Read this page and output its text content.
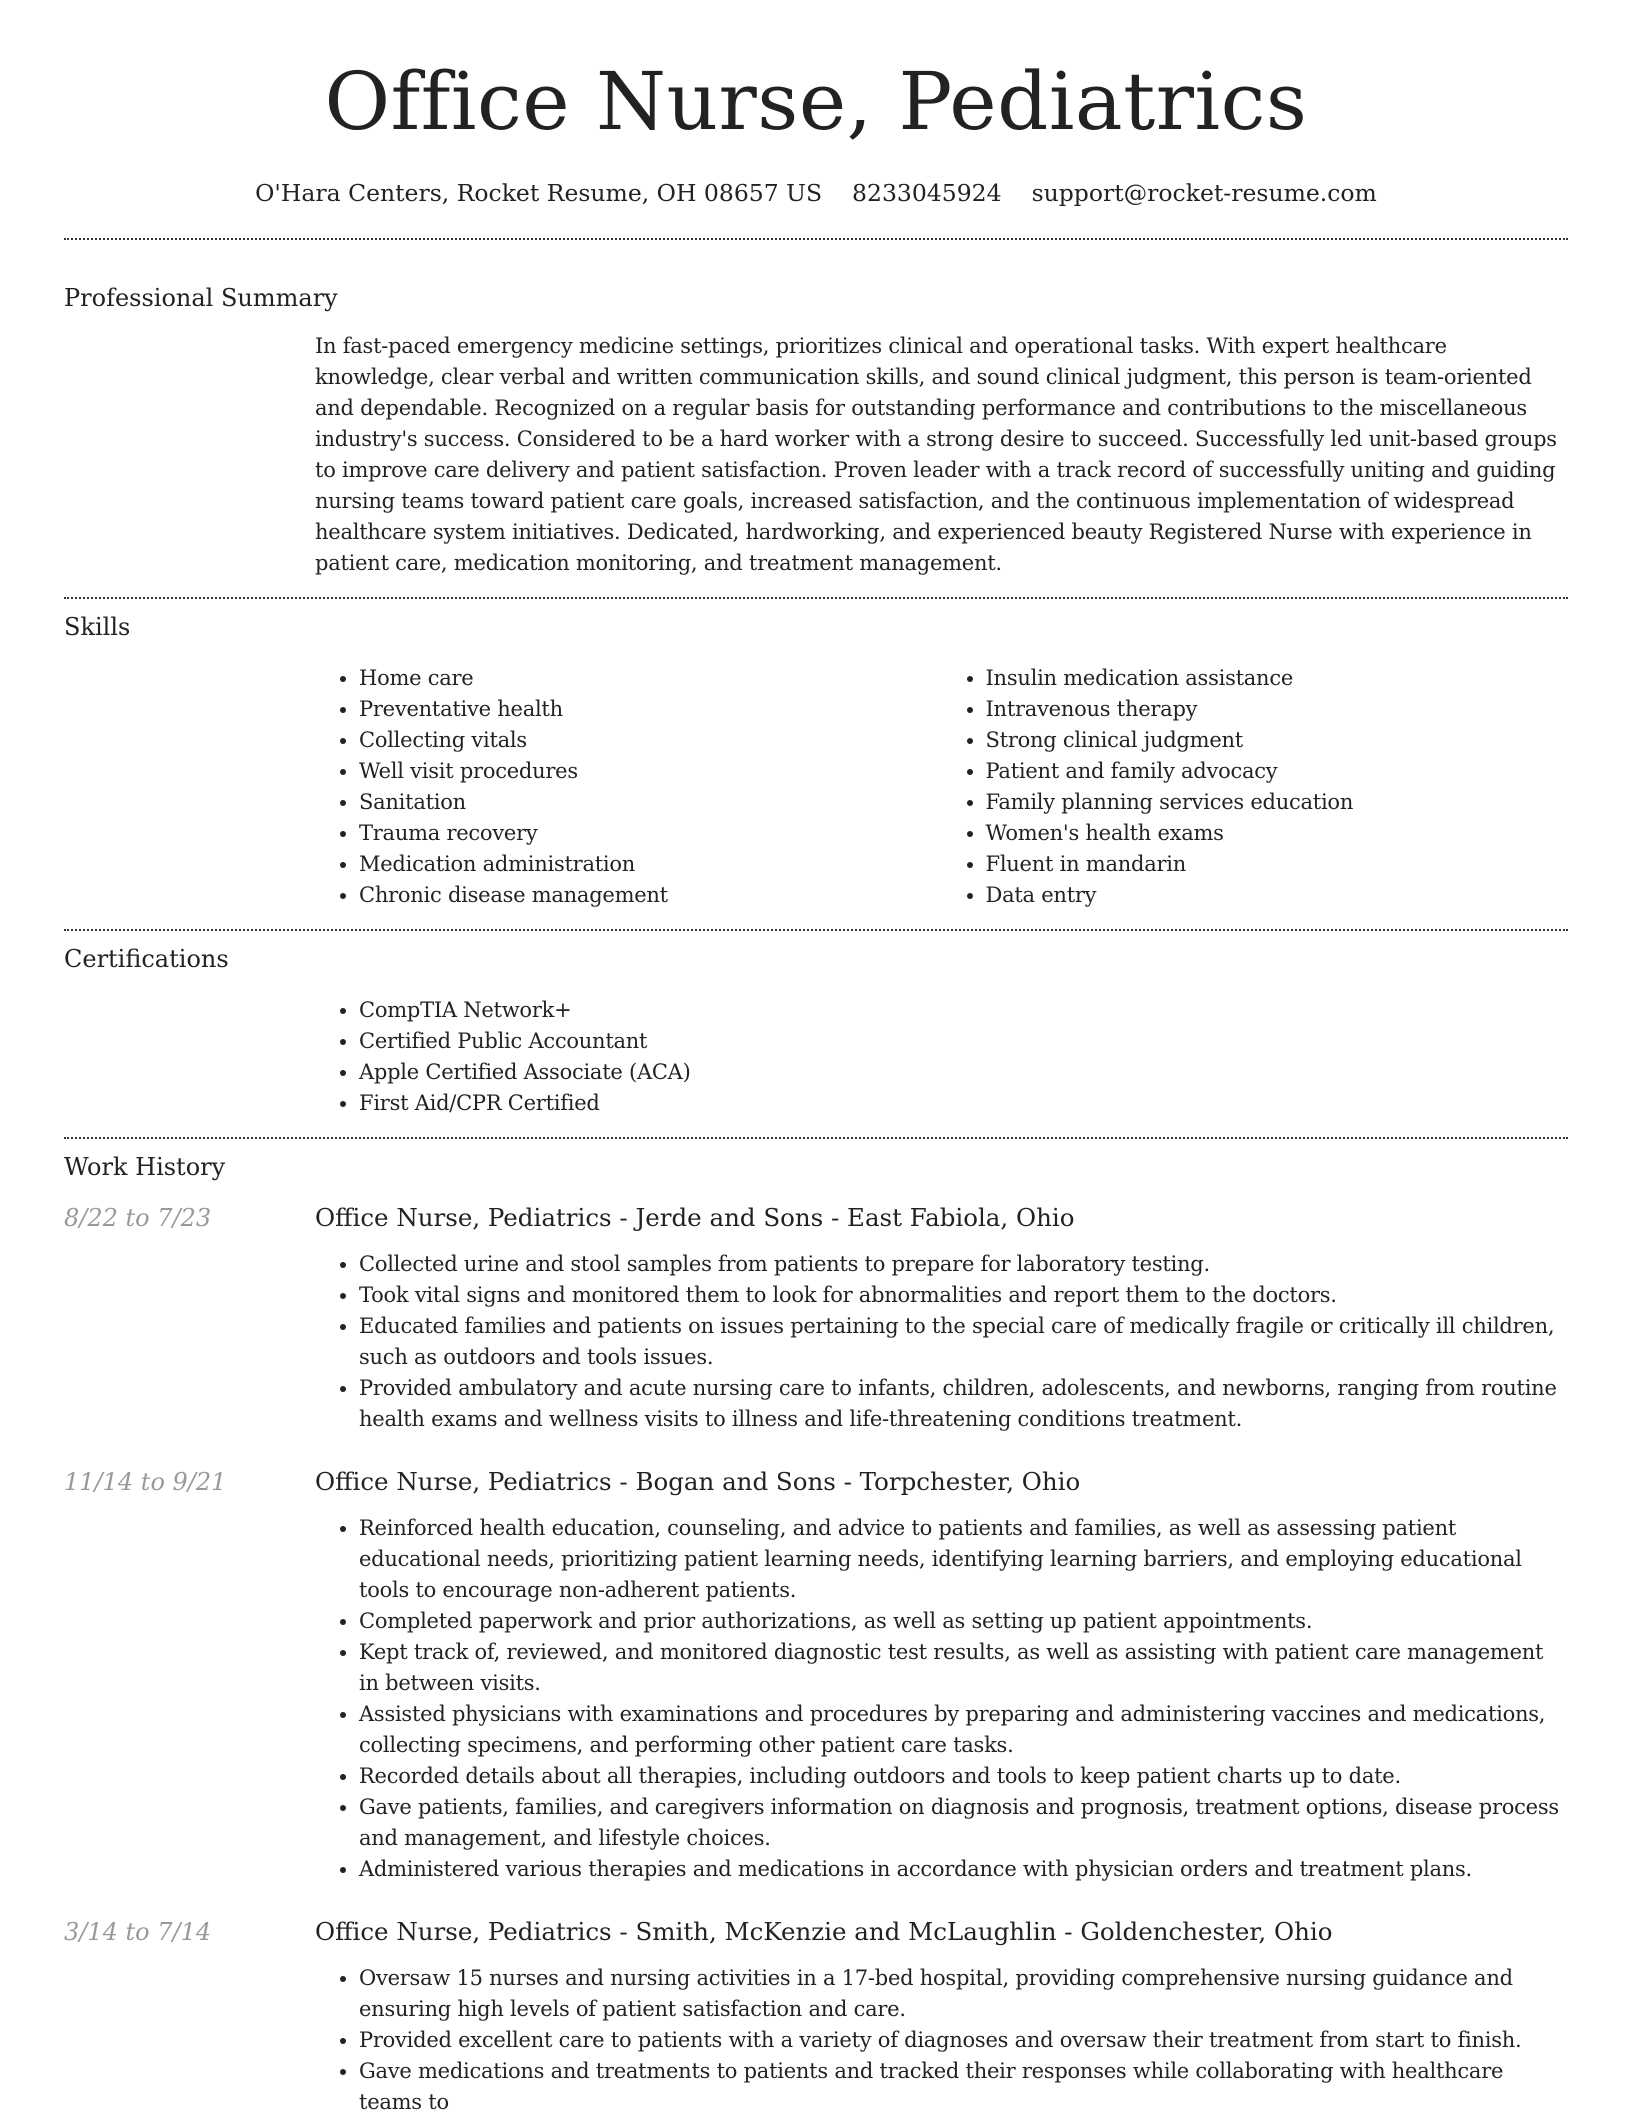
Office Nurse, Pediatrics
O'Hara Centers, Rocket Resume, OH 08657 US 8233045924 support@rocket-resume.com
Professional Summary

In fast-paced emergency medicine settings, prioritizes clinical and operational tasks. With expert healthcare knowledge, clear verbal and written communication skills, and sound clinical judgment, this person is team-oriented and dependable. Recognized on a regular basis for outstanding performance and contributions to the miscellaneous industry's success. Considered to be a hard worker with a strong desire to succeed. Successfully led unit-based groups to improve care delivery and patient satisfaction. Proven leader with a track record of successfully uniting and guiding nursing teams toward patient care goals, increased satisfaction, and the continuous implementation of widespread healthcare system initiatives. Dedicated, hardworking, and experienced beauty Registered Nurse with experience in patient care, medication monitoring, and treatment management.

Skills
• Home care
• Preventative health
• Collecting vitals
• Well visit procedures
• Sanitation
• Trauma recovery
• Medication administration
• Chronic disease management
• Insulin medication assistance
• Intravenous therapy
• Strong clinical judgment
• Patient and family advocacy
• Family planning services education
• Women's health exams
• Fluent in mandarin
• Data entry
Certifications
• CompTIA Network+
• Certified Public Accountant
• Apple Certified Associate (ACA)
• First Aid/CPR Certified
Work History
8/22 to 7/23	Office Nurse, Pediatrics - Jerde and Sons - East Fabiola, Ohio
• Collected urine and stool samples from patients to prepare for laboratory testing.
• Took vital signs and monitored them to look for abnormalities and report them to the doctors.
• Educated families and patients on issues pertaining to the special care of medically fragile or critically ill children, such as outdoors and tools issues.
• Provided ambulatory and acute nursing care to infants, children, adolescents, and newborns, ranging from routine health exams and wellness visits to illness and life-threatening conditions treatment.
11/14 to 9/21	Office Nurse, Pediatrics - Bogan and Sons - Torpchester, Ohio
• Reinforced health education, counseling, and advice to patients and families, as well as assessing patient educational needs, prioritizing patient learning needs, identifying learning barriers, and employing educational tools to encourage non-adherent patients.
• Completed paperwork and prior authorizations, as well as setting up patient appointments.
• Kept track of, reviewed, and monitored diagnostic test results, as well as assisting with patient care management in between visits.
• Assisted physicians with examinations and procedures by preparing and administering vaccines and medications, collecting specimens, and performing other patient care tasks.
• Recorded details about all therapies, including outdoors and tools to keep patient charts up to date.
• Gave patients, families, and caregivers information on diagnosis and prognosis, treatment options, disease process and management, and lifestyle choices.
• Administered various therapies and medications in accordance with physician orders and treatment plans.
3/14 to 7/14	Office Nurse, Pediatrics - Smith, McKenzie and McLaughlin - Goldenchester, Ohio
• Oversaw 15 nurses and nursing activities in a 17-bed hospital, providing comprehensive nursing guidance and ensuring high levels of patient satisfaction and care.
• Provided excellent care to patients with a variety of diagnoses and oversaw their treatment from start to finish.
• Gave medications and treatments to patients and tracked their responses while collaborating with healthcare teams to
